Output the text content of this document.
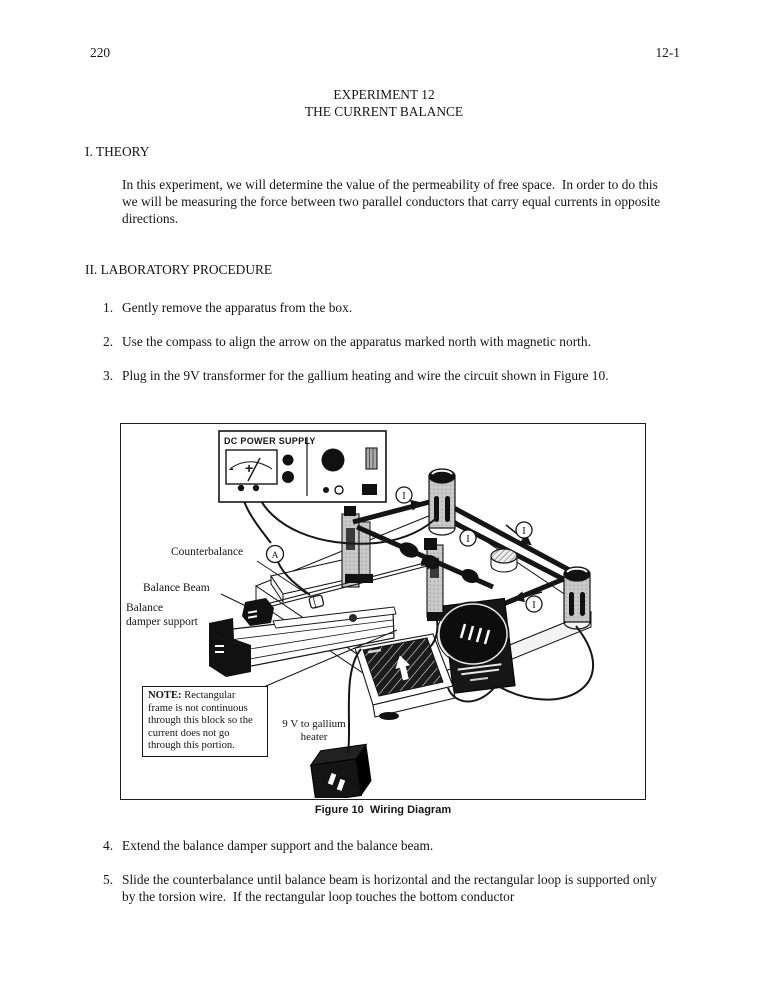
220	12-1
EXPERIMENT 12
THE CURRENT BALANCE
I. THEORY
In this experiment, we will determine the value of the permeability of free space.  In order to do this we will be measuring the force between two parallel conductors that carry equal currents in opposite directions.
II. LABORATORY PROCEDURE
1. Gently remove the apparatus from the box.
2. Use the compass to align the arrow on the apparatus marked north with magnetic north.
3. Plug in the 9V transformer for the gallium heating and wire the circuit shown in Figure 10.
4. Extend the balance damper support and the balance beam.
5. Slide the counterbalance until balance beam is horizontal and the rectangular loop is supported only by the torsion wire.  If the rectangular loop touches the bottom conductor
A
I
I
I
I
DC POWER SUPPLY
- +
Counterbalance
Balance Beam
Balance
damper support
NOTE: Rectangular frame is not continuous through this block so the current does not go through this portion.
9 V to gallium
heater
Figure 10  Wiring Diagram
